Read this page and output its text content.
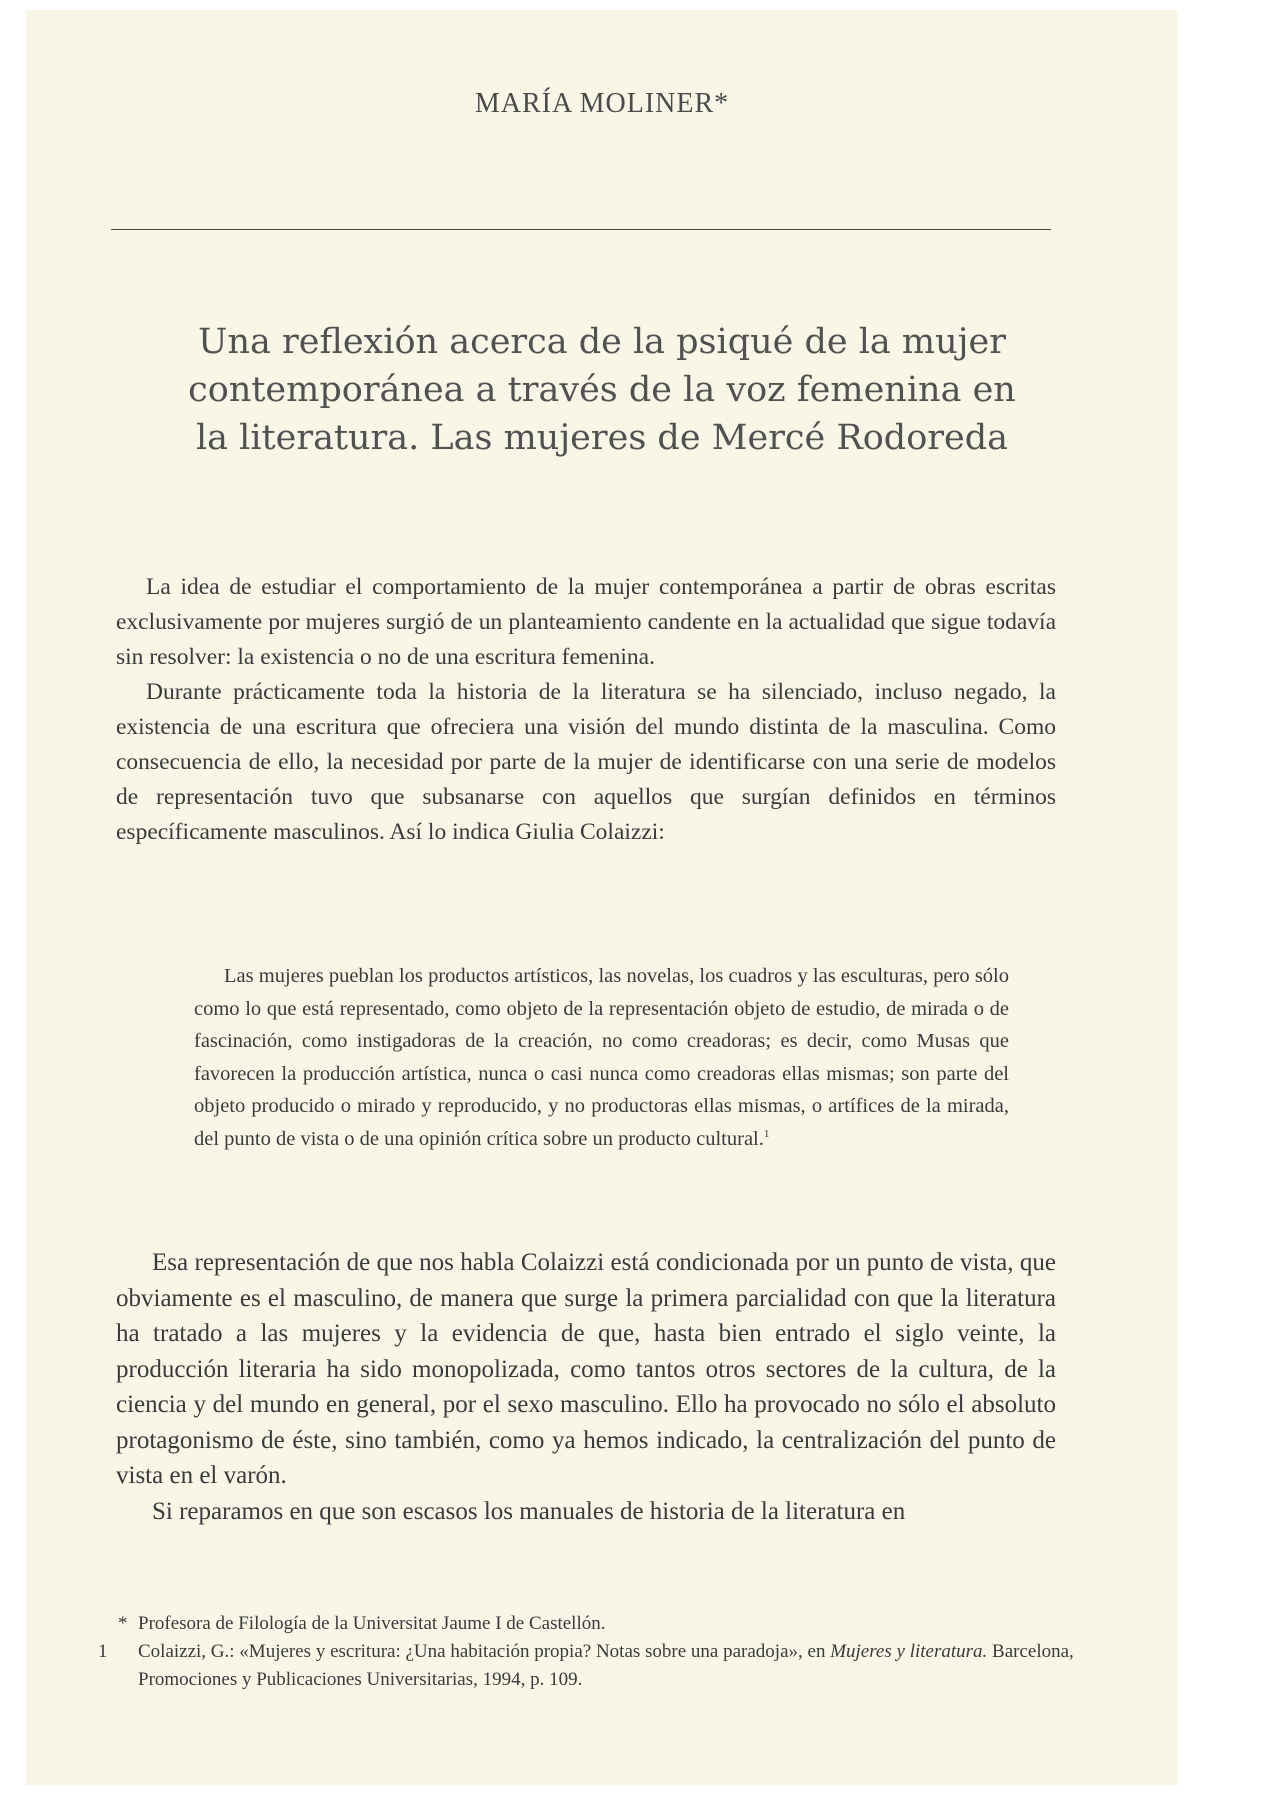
MARÍA MOLINER*
Una reflexión acerca de la psiqué de la mujer
contemporánea a través de la voz femenina en
la literatura. Las mujeres de Mercé Rodoreda

La idea de estudiar el comportamiento de la mujer contemporánea a partir de obras escritas exclusivamente por mujeres surgió de un planteamiento candente en la actualidad que sigue todavía sin resolver: la existencia o no de una escritura femenina.

Durante prácticamente toda la historia de la literatura se ha silenciado, incluso negado, la existencia de una escritura que ofreciera una visión del mundo distinta de la masculina. Como consecuencia de ello, la necesidad por parte de la mujer de identificarse con una serie de modelos de representación tuvo que subsanarse con aquellos que surgían definidos en términos específicamente masculinos. Así lo indica Giulia Colaizzi:

Las mujeres pueblan los productos artísticos, las novelas, los cuadros y las esculturas, pero sólo como lo que está representado, como objeto de la representación objeto de estudio, de mirada o de fascinación, como instigadoras de la creación, no como creadoras; es decir, como Musas que favorecen la producción artística, nunca o casi nunca como creadoras ellas mismas; son parte del objeto producido o mirado y reproducido, y no productoras ellas mismas, o artífices de la mirada, del punto de vista o de una opinión crítica sobre un producto cultural.$^1$

Esa representación de que nos habla Colaizzi está condicionada por un punto de vista, que obviamente es el masculino, de manera que surge la primera parcialidad con que la literatura ha tratado a las mujeres y la evidencia de que, hasta bien entrado el siglo veinte, la producción literaria ha sido monopolizada, como tantos otros sectores de la cultura, de la ciencia y del mundo en general, por el sexo masculino. Ello ha provocado no sólo el absoluto protagonismo de éste, sino también, como ya hemos indicado, la centralización del punto de vista en el varón.

Si reparamos en que son escasos los manuales de historia de la literatura en

* Profesora de Filología de la Universitat Jaume I de Castellón.

1 Colaizzi, G.: «Mujeres y escritura: ¿Una habitación propia? Notas sobre una paradoja», en Mujeres y literatura. Barcelona, Promociones y Publicaciones Universitarias, 1994, p. 109.
